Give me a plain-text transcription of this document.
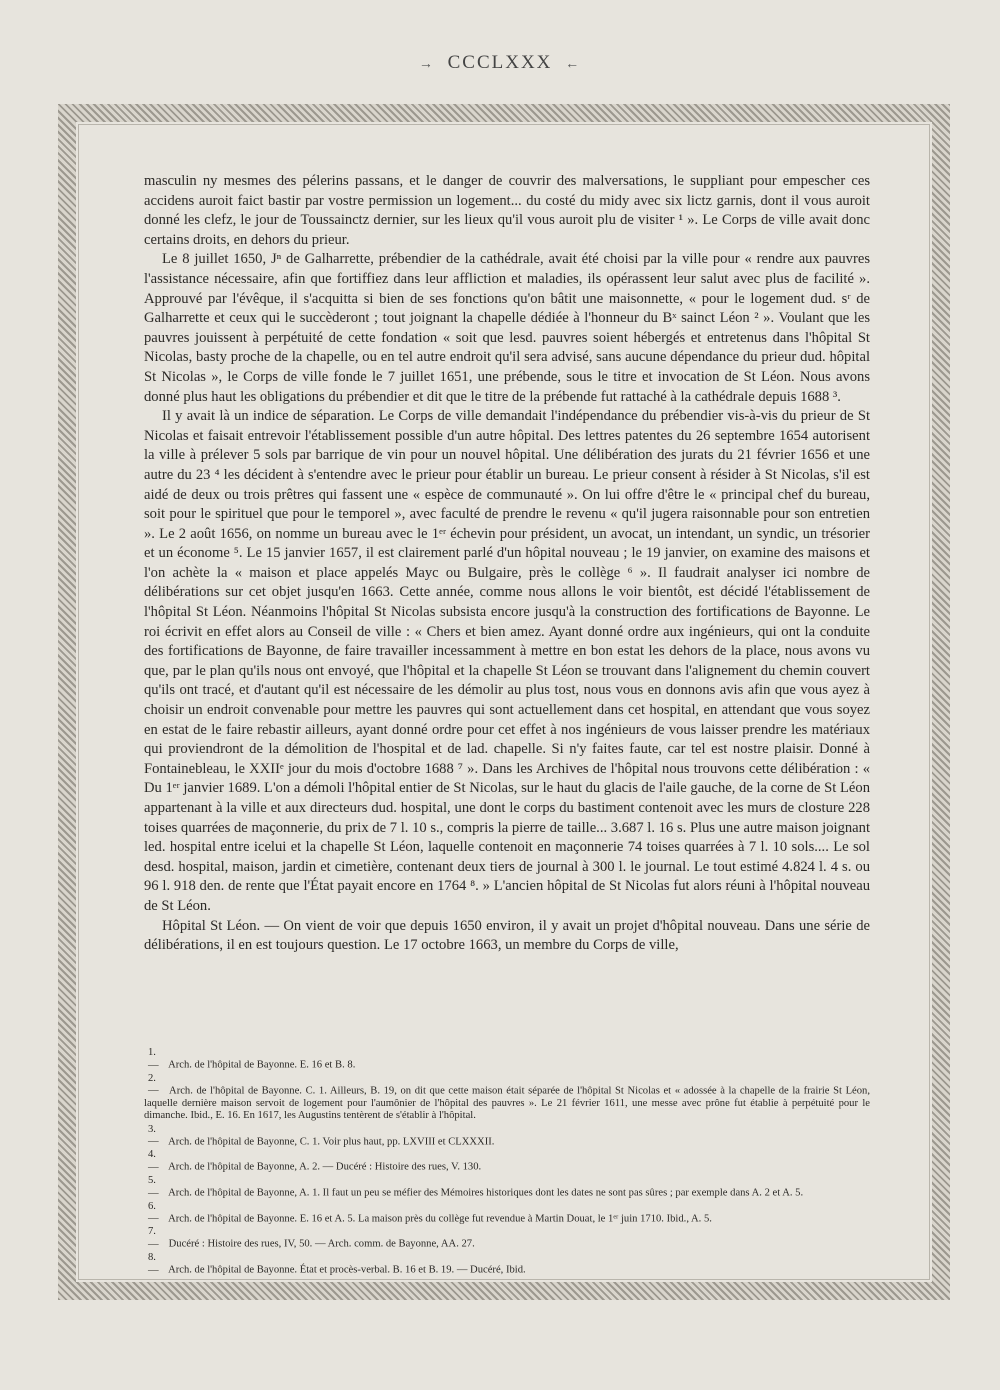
→ CCCLXXX ←

masculin ny mesmes des pélerins passans, et le danger de couvrir des malversations, le suppliant pour empescher ces accidens auroit faict bastir par vostre permission un logement... du costé du midy avec six lictz garnis, dont il vous auroit donné les clefz, le jour de Toussainctz dernier, sur les lieux qu'il vous auroit plu de visiter ¹ ». Le Corps de ville avait donc certains droits, en dehors du prieur.

Le 8 juillet 1650, Jⁿ de Galharrette, prébendier de la cathédrale, avait été choisi par la ville pour « rendre aux pauvres l'assistance nécessaire, afin que fortiffiez dans leur affliction et maladies, ils opérassent leur salut avec plus de facilité ». Approuvé par l'évêque, il s'acquitta si bien de ses fonctions qu'on bâtit une maisonnette, « pour le logement dud. sʳ de Galharrette et ceux qui le succèderont ; tout joignant la chapelle dédiée à l'honneur du Bˣ sainct Léon ² ». Voulant que les pauvres jouissent à perpétuité de cette fondation « soit que lesd. pauvres soient hébergés et entretenus dans l'hôpital St Nicolas, basty proche de la chapelle, ou en tel autre endroit qu'il sera advisé, sans aucune dépendance du prieur dud. hôpital St Nicolas », le Corps de ville fonde le 7 juillet 1651, une prébende, sous le titre et invocation de St Léon. Nous avons donné plus haut les obligations du prébendier et dit que le titre de la prébende fut rattaché à la cathédrale depuis 1688 ³.

Il y avait là un indice de séparation. Le Corps de ville demandait l'indépendance du prébendier vis-à-vis du prieur de St Nicolas et faisait entrevoir l'établissement possible d'un autre hôpital. Des lettres patentes du 26 septembre 1654 autorisent la ville à prélever 5 sols par barrique de vin pour un nouvel hôpital. Une délibération des jurats du 21 février 1656 et une autre du 23 ⁴ les décident à s'entendre avec le prieur pour établir un bureau. Le prieur consent à résider à St Nicolas, s'il est aidé de deux ou trois prêtres qui fassent une « espèce de communauté ». On lui offre d'être le « principal chef du bureau, soit pour le spirituel que pour le temporel », avec faculté de prendre le revenu « qu'il jugera raisonnable pour son entretien ». Le 2 août 1656, on nomme un bureau avec le 1ᵉʳ échevin pour président, un avocat, un intendant, un syndic, un trésorier et un économe ⁵. Le 15 janvier 1657, il est clairement parlé d'un hôpital nouveau ; le 19 janvier, on examine des maisons et l'on achète la « maison et place appelés Mayc ou Bulgaire, près le collège ⁶ ». Il faudrait analyser ici nombre de délibérations sur cet objet jusqu'en 1663. Cette année, comme nous allons le voir bientôt, est décidé l'établissement de l'hôpital St Léon. Néanmoins l'hôpital St Nicolas subsista encore jusqu'à la construction des fortifications de Bayonne. Le roi écrivit en effet alors au Conseil de ville : « Chers et bien amez. Ayant donné ordre aux ingénieurs, qui ont la conduite des fortifications de Bayonne, de faire travailler incessamment à mettre en bon estat les dehors de la place, nous avons vu que, par le plan qu'ils nous ont envoyé, que l'hôpital et la chapelle St Léon se trouvant dans l'alignement du chemin couvert qu'ils ont tracé, et d'autant qu'il est nécessaire de les démolir au plus tost, nous vous en donnons avis afin que vous ayez à choisir un endroit convenable pour mettre les pauvres qui sont actuellement dans cet hospital, en attendant que vous soyez en estat de le faire rebastir ailleurs, ayant donné ordre pour cet effet à nos ingénieurs de vous laisser prendre les matériaux qui proviendront de la démolition de l'hospital et de lad. chapelle. Si n'y faites faute, car tel est nostre plaisir. Donné à Fontainebleau, le XXIIᵉ jour du mois d'octobre 1688 ⁷ ». Dans les Archives de l'hôpital nous trouvons cette délibération : « Du 1ᵉʳ janvier 1689. L'on a démoli l'hôpital entier de St Nicolas, sur le haut du glacis de l'aile gauche, de la corne de St Léon appartenant à la ville et aux directeurs dud. hospital, une dont le corps du bastiment contenoit avec les murs de closture 228 toises quarrées de maçonnerie, du prix de 7 l. 10 s., compris la pierre de taille... 3.687 l. 16 s. Plus une autre maison joignant led. hospital entre icelui et la chapelle St Léon, laquelle contenoit en maçonnerie 74 toises quarrées à 7 l. 10 sols.... Le sol desd. hospital, maison, jardin et cimetière, contenant deux tiers de journal à 300 l. le journal. Le tout estimé 4.824 l. 4 s. ou 96 l. 918 den. de rente que l'État payait encore en 1764 ⁸. » L'ancien hôpital de St Nicolas fut alors réuni à l'hôpital nouveau de St Léon.

Hôpital St Léon. — On vient de voir que depuis 1650 environ, il y avait un projet d'hôpital nouveau. Dans une série de délibérations, il en est toujours question. Le 17 octobre 1663, un membre du Corps de ville,

1. — Arch. de l'hôpital de Bayonne. E. 16 et B. 8.

2. — Arch. de l'hôpital de Bayonne. C. 1. Ailleurs, B. 19, on dit que cette maison était séparée de l'hôpital St Nicolas et « adossée à la chapelle de la frairie St Léon, laquelle dernière maison servoit de logement pour l'aumônier de l'hôpital des pauvres ». Le 21 février 1611, une messe avec prône fut établie à perpétuité pour le dimanche. Ibid., E. 16. En 1617, les Augustins tentèrent de s'établir à l'hôpital.

3. — Arch. de l'hôpital de Bayonne, C. 1. Voir plus haut, pp. LXVIII et CLXXXII.

4. — Arch. de l'hôpital de Bayonne, A. 2. — Ducéré : Histoire des rues, V. 130.

5. — Arch. de l'hôpital de Bayonne, A. 1. Il faut un peu se méfier des Mémoires historiques dont les dates ne sont pas sûres ; par exemple dans A. 2 et A. 5.

6. — Arch. de l'hôpital de Bayonne. E. 16 et A. 5. La maison près du collège fut revendue à Martin Douat, le 1ᵉʳ juin 1710. Ibid., A. 5.

7. — Ducéré : Histoire des rues, IV, 50. — Arch. comm. de Bayonne, AA. 27.

8. — Arch. de l'hôpital de Bayonne. État et procès-verbal. B. 16 et B. 19. — Ducéré, Ibid.
